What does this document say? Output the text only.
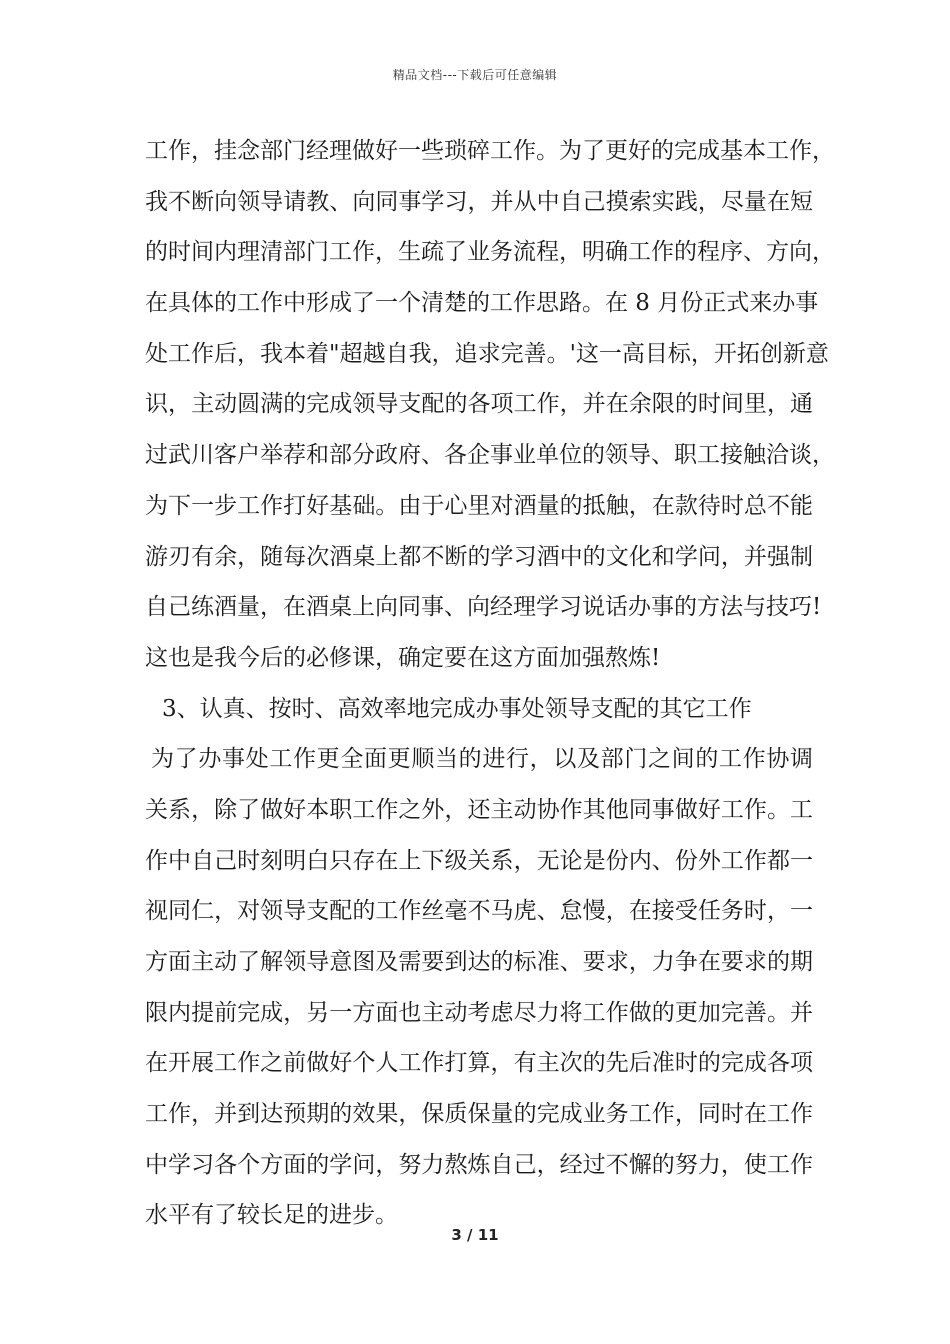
精品文档---下载后可任意编辑
工作，挂念部门经理做好一些琐碎工作。为了更好的完成基本工作，
我不断向领导请教、向同事学习，并从中自己摸索实践，尽量在短
的时间内理清部门工作，生疏了业务流程，明确工作的程序、方向，
在具体的工作中形成了一个清楚的工作思路。在 8 月份正式来办事
处工作后，我本着"超越自我，追求完善。'这一高目标，开拓创新意
识，主动圆满的完成领导支配的各项工作，并在余限的时间里，通
过武川客户举荐和部分政府、各企事业单位的领导、职工接触洽谈，
为下一步工作打好基础。由于心里对酒量的抵触，在款待时总不能
游刃有余，随每次酒桌上都不断的学习酒中的文化和学问，并强制
自己练酒量，在酒桌上向同事、向经理学习说话办事的方法与技巧!
这也是我今后的必修课，确定要在这方面加强熬炼!
3、认真、按时、高效率地完成办事处领导支配的其它工作
为了办事处工作更全面更顺当的进行，以及部门之间的工作协调
关系，除了做好本职工作之外，还主动协作其他同事做好工作。工
作中自己时刻明白只存在上下级关系，无论是份内、份外工作都一
视同仁，对领导支配的工作丝毫不马虎、怠慢，在接受任务时，一
方面主动了解领导意图及需要到达的标准、要求，力争在要求的期
限内提前完成，另一方面也主动考虑尽力将工作做的更加完善。并
在开展工作之前做好个人工作打算，有主次的先后准时的完成各项
工作，并到达预期的效果，保质保量的完成业务工作，同时在工作
中学习各个方面的学问，努力熬炼自己，经过不懈的努力，使工作
水平有了较长足的进步。
3 / 11
